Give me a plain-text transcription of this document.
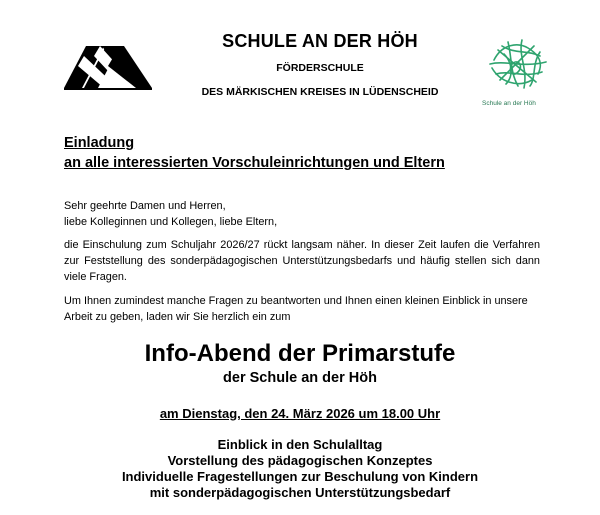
SCHULE AN DER HÖH
FÖRDERSCHULE
DES MÄRKISCHEN KREISES IN LÜDENSCHEID
Schule an der Höh
Einladung
an alle interessierten Vorschuleinrichtungen und Eltern
Sehr geehrte Damen und Herren,
liebe Kolleginnen und Kollegen, liebe Eltern,
die Einschulung zum Schuljahr 2026/27 rückt langsam näher. In dieser Zeit laufen die Verfahren zur Feststellung des sonderpädagogischen Unterstützungsbedarfs und häufig stellen sich dann viele Fragen.
Um Ihnen zumindest manche Fragen zu beantworten und Ihnen einen kleinen Einblick in unsere Arbeit zu geben, laden wir Sie herzlich ein zum
Info-Abend der Primarstufe
der Schule an der Höh
am Dienstag, den 24. März 2026 um 18.00 Uhr
Einblick in den Schulalltag
Vorstellung des pädagogischen Konzeptes
Individuelle Fragestellungen zur Beschulung von Kindern
mit sonderpädagogischen Unterstützungsbedarf
